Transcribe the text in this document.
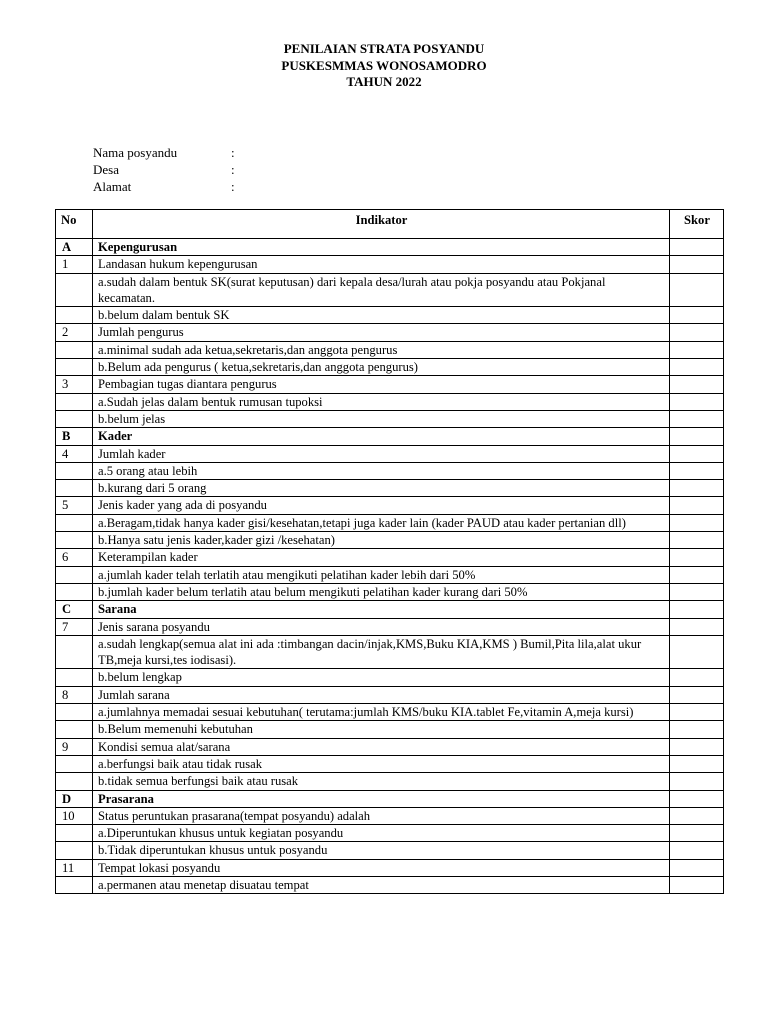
PENILAIAN STRATA POSYANDU
PUSKESMMAS WONOSAMODRO
TAHUN 2022
Nama posyandu	:
Desa	:
Alamat	:
No	Indikator	Skor
A	Kepengurusan	
1	Landasan hukum kepengurusan	
	a.sudah dalam bentuk SK(surat keputusan) dari kepala desa/lurah atau pokja posyandu atau Pokjanal kecamatan.	
	b.belum dalam bentuk SK	
2	Jumlah pengurus	
	a.minimal sudah ada ketua,sekretaris,dan anggota pengurus	
	b.Belum ada pengurus ( ketua,sekretaris,dan anggota pengurus)	
3	Pembagian tugas diantara pengurus	
	a.Sudah jelas dalam bentuk rumusan tupoksi	
	b.belum jelas	
B	Kader	
4	Jumlah kader	
	a.5 orang atau lebih	
	b.kurang dari 5 orang	
5	Jenis kader yang ada di posyandu	
	a.Beragam,tidak hanya kader gisi/kesehatan,tetapi juga kader lain (kader PAUD atau kader pertanian dll)	
	b.Hanya satu jenis kader,kader gizi /kesehatan)	
6	Keterampilan kader	
	a.jumlah kader telah terlatih atau mengikuti pelatihan kader lebih dari 50%	
	b.jumlah kader belum terlatih atau belum mengikuti pelatihan kader kurang dari 50%	
C	Sarana	
7	Jenis sarana posyandu	
	a.sudah lengkap(semua alat ini ada :timbangan dacin/injak,KMS,Buku KIA,KMS ) Bumil,Pita lila,alat ukur TB,meja kursi,tes iodisasi).	
	b.belum lengkap	
8	Jumlah sarana	
	a.jumlahnya memadai sesuai kebutuhan( terutama:jumlah KMS/buku KIA.tablet Fe,vitamin A,meja kursi)	
	b.Belum memenuhi kebutuhan	
9	Kondisi semua alat/sarana	
	a.berfungsi baik atau tidak rusak	
	b.tidak semua berfungsi baik atau rusak	
D	Prasarana	
10	Status peruntukan prasarana(tempat posyandu) adalah	
	a.Diperuntukan khusus untuk kegiatan posyandu	
	b.Tidak diperuntukan khusus untuk posyandu	
11	Tempat lokasi posyandu	
	a.permanen atau menetap disuatau tempat	
